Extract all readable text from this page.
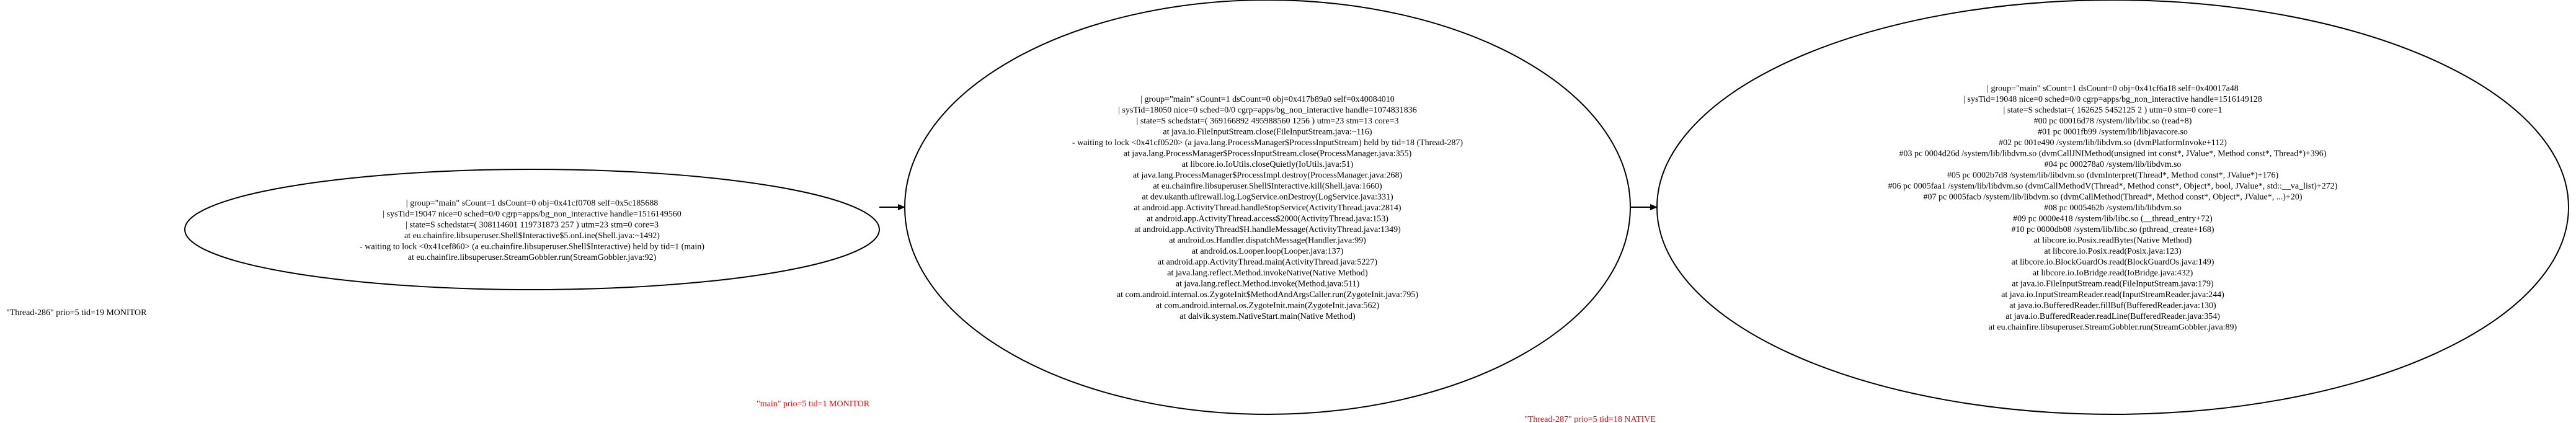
| group="main" sCount=1 dsCount=0 obj=0x41cf0708 self=0x5c185688
| sysTid=19047 nice=0 sched=0/0 cgrp=apps/bg_non_interactive handle=1516149560
| state=S schedstat=( 308114601 119731873 257 ) utm=23 stm=0 core=3
at eu.chainfire.libsuperuser.Shell$Interactive$5.onLine(Shell.java:~1492)
- waiting to lock <0x41cef860> (a eu.chainfire.libsuperuser.Shell$Interactive) held by tid=1 (main)
at eu.chainfire.libsuperuser.StreamGobbler.run(StreamGobbler.java:92)
| group="main" sCount=1 dsCount=0 obj=0x417b89a0 self=0x40084010
| sysTid=18050 nice=0 sched=0/0 cgrp=apps/bg_non_interactive handle=1074831836
| state=S schedstat=( 369166892 495988560 1256 ) utm=23 stm=13 core=3
at java.io.FileInputStream.close(FileInputStream.java:~116)
- waiting to lock <0x41cf0520> (a java.lang.ProcessManager$ProcessInputStream) held by tid=18 (Thread-287)
at java.lang.ProcessManager$ProcessInputStream.close(ProcessManager.java:355)
at libcore.io.IoUtils.closeQuietly(IoUtils.java:51)
at java.lang.ProcessManager$ProcessImpl.destroy(ProcessManager.java:268)
at eu.chainfire.libsuperuser.Shell$Interactive.kill(Shell.java:1660)
at dev.ukanth.ufirewall.log.LogService.onDestroy(LogService.java:331)
at android.app.ActivityThread.handleStopService(ActivityThread.java:2814)
at android.app.ActivityThread.access$2000(ActivityThread.java:153)
at android.app.ActivityThread$H.handleMessage(ActivityThread.java:1349)
at android.os.Handler.dispatchMessage(Handler.java:99)
at android.os.Looper.loop(Looper.java:137)
at android.app.ActivityThread.main(ActivityThread.java:5227)
at java.lang.reflect.Method.invokeNative(Native Method)
at java.lang.reflect.Method.invoke(Method.java:511)
at com.android.internal.os.ZygoteInit$MethodAndArgsCaller.run(ZygoteInit.java:795)
at com.android.internal.os.ZygoteInit.main(ZygoteInit.java:562)
at dalvik.system.NativeStart.main(Native Method)
| group="main" sCount=1 dsCount=0 obj=0x41cf6a18 self=0x40017a48
| sysTid=19048 nice=0 sched=0/0 cgrp=apps/bg_non_interactive handle=1516149128
| state=S schedstat=( 162625 5452125 2 ) utm=0 stm=0 core=1
#00 pc 00016d78 /system/lib/libc.so (read+8)
#01 pc 0001fb99 /system/lib/libjavacore.so
#02 pc 001e490 /system/lib/libdvm.so (dvmPlatformInvoke+112)
#03 pc 0004d26d /system/lib/libdvm.so (dvmCallJNIMethod(unsigned int const*, JValue*, Method const*, Thread*)+396)
#04 pc 000278a0 /system/lib/libdvm.so
#05 pc 0002b7d8 /system/lib/libdvm.so (dvmInterpret(Thread*, Method const*, JValue*)+176)
#06 pc 0005faa1 /system/lib/libdvm.so (dvmCallMethodV(Thread*, Method const*, Object*, bool, JValue*, std::__va_list)+272)
#07 pc 0005facb /system/lib/libdvm.so (dvmCallMethod(Thread*, Method const*, Object*, JValue*, ...)+20)
#08 pc 0005462b /system/lib/libdvm.so
#09 pc 0000e418 /system/lib/libc.so (__thread_entry+72)
#10 pc 0000db08 /system/lib/libc.so (pthread_create+168)
at libcore.io.Posix.readBytes(Native Method)
at libcore.io.Posix.read(Posix.java:123)
at libcore.io.BlockGuardOs.read(BlockGuardOs.java:149)
at libcore.io.IoBridge.read(IoBridge.java:432)
at java.io.FileInputStream.read(FileInputStream.java:179)
at java.io.InputStreamReader.read(InputStreamReader.java:244)
at java.io.BufferedReader.fillBuf(BufferedReader.java:130)
at java.io.BufferedReader.readLine(BufferedReader.java:354)
at eu.chainfire.libsuperuser.StreamGobbler.run(StreamGobbler.java:89)
"Thread-286" prio=5 tid=19 MONITOR
"main" prio=5 tid=1 MONITOR
"Thread-287" prio=5 tid=18 NATIVE
